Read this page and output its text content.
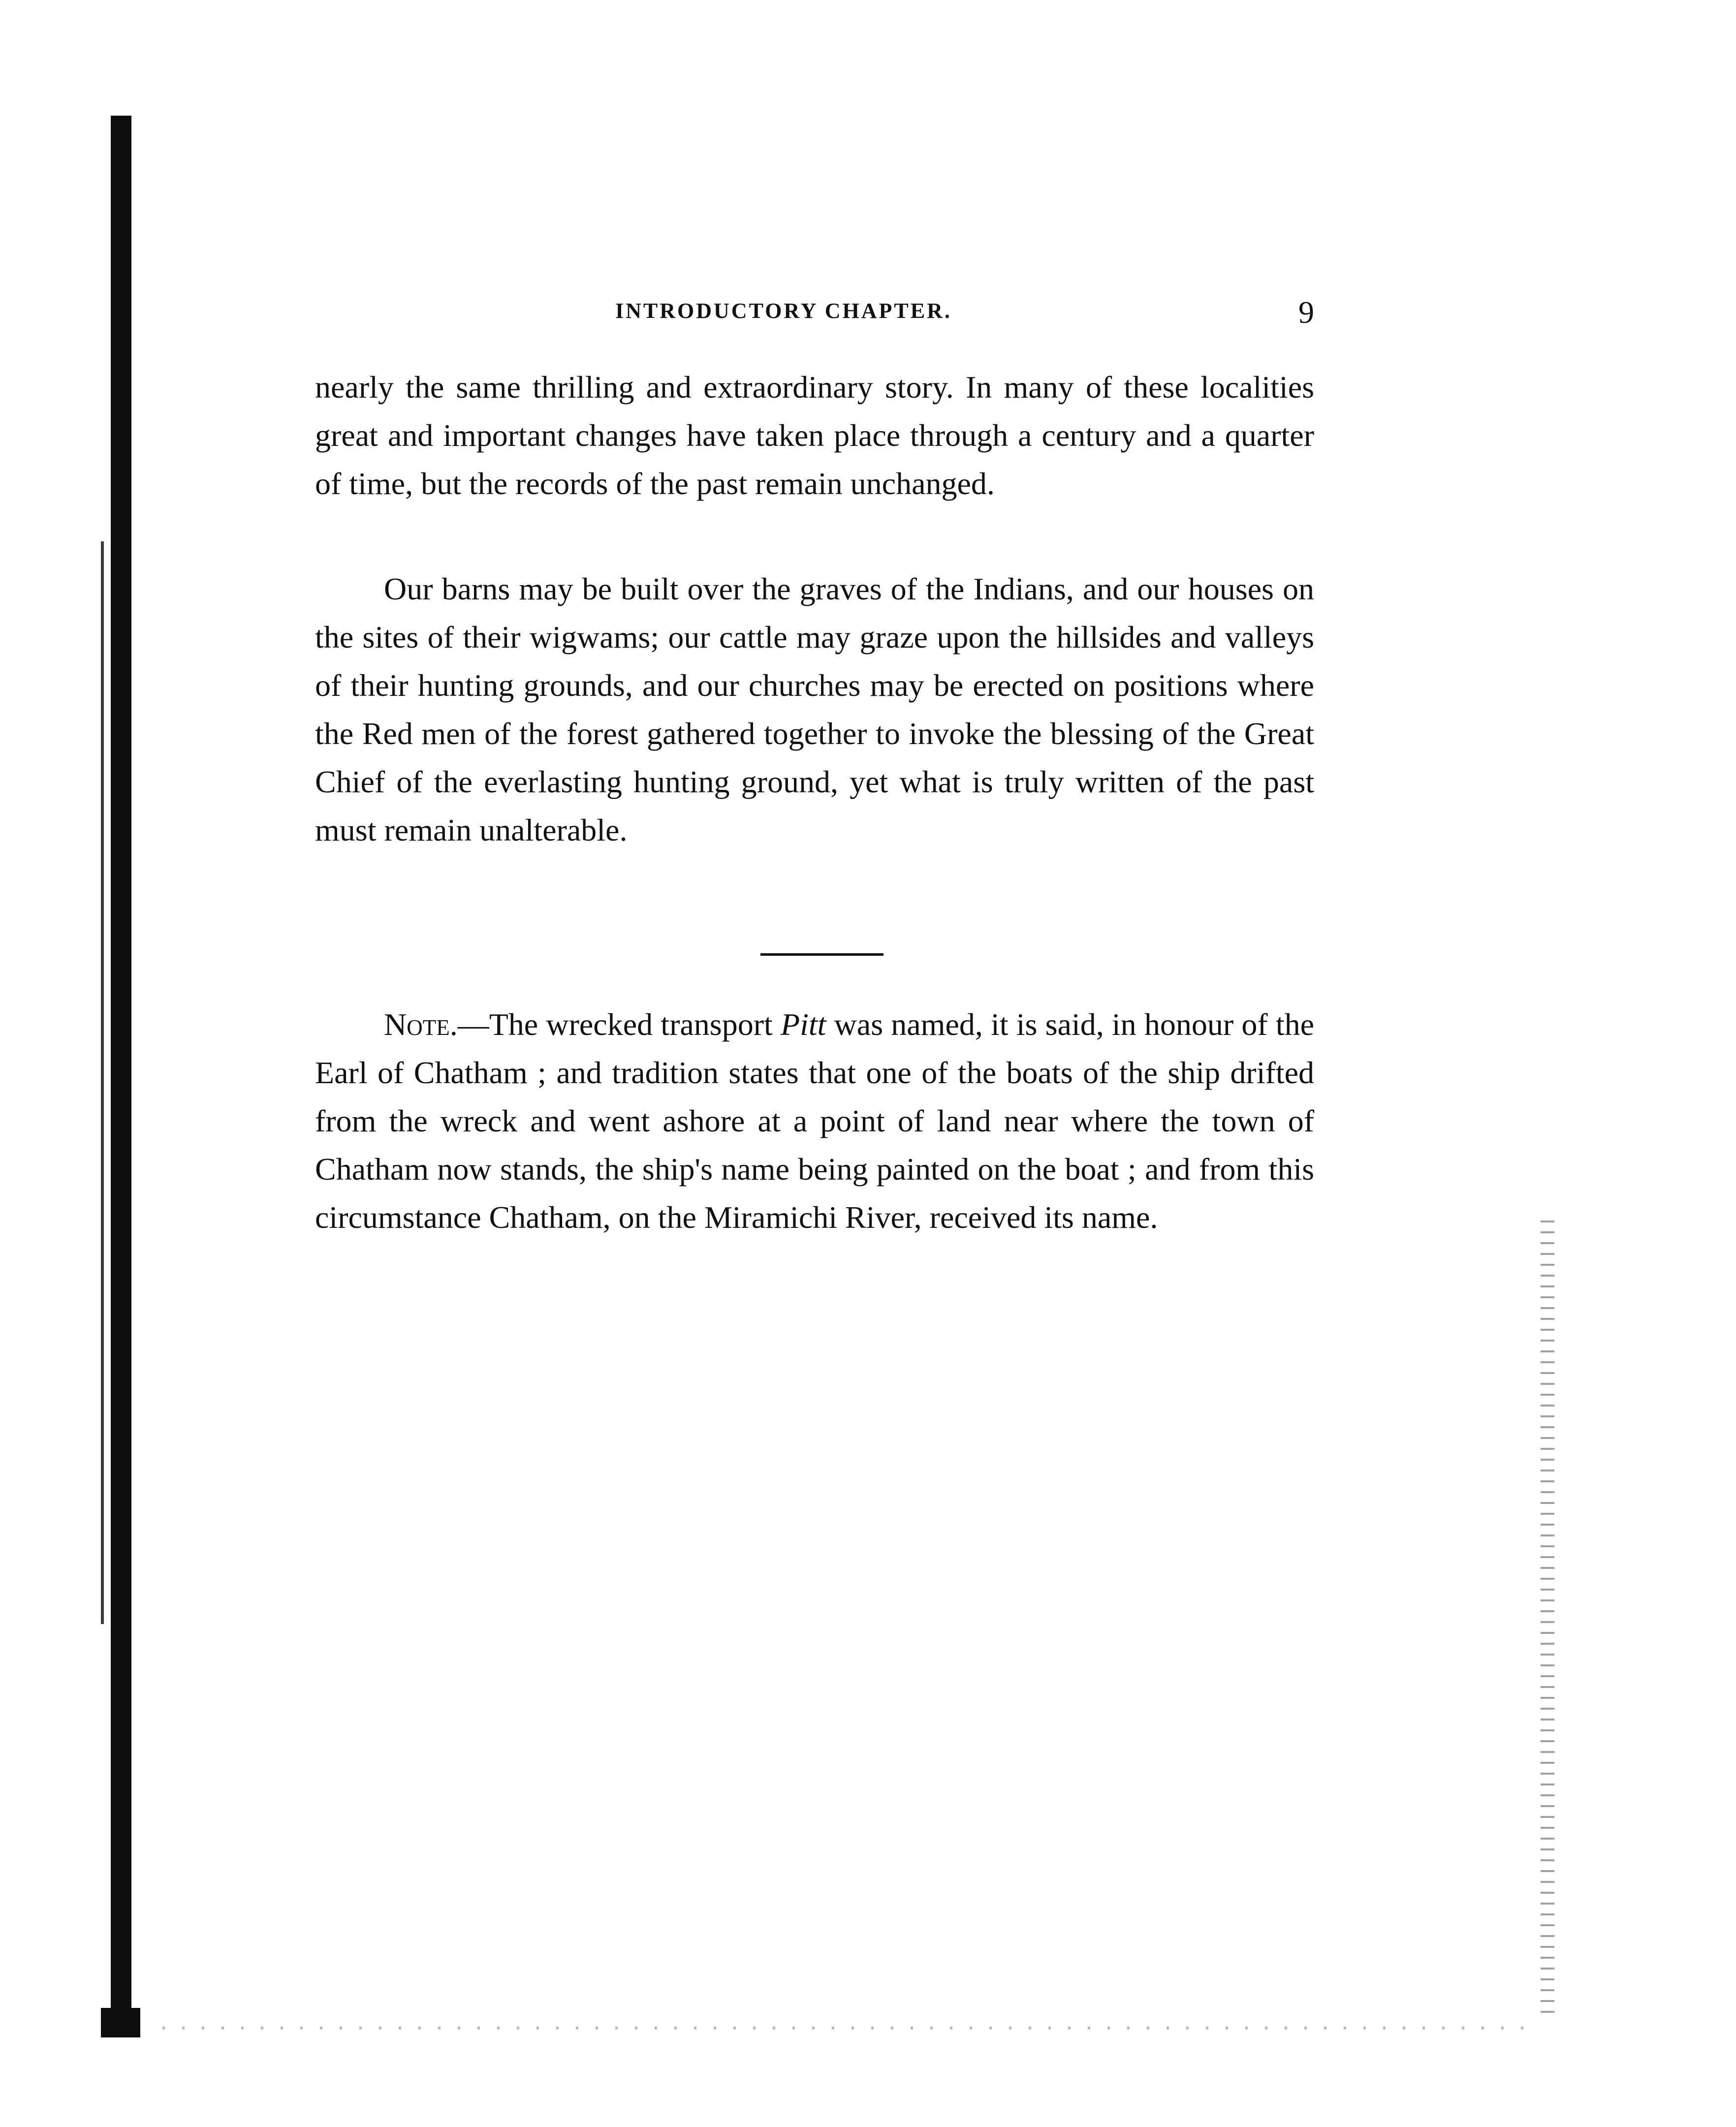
INTRODUCTORY CHAPTER.	9

nearly the same thrilling and extraordinary story. In many of these localities great and important changes have taken place through a century and a quarter of time, but the records of the past remain unchanged.

Our barns may be built over the graves of the Indians, and our houses on the sites of their wigwams; our cattle may graze upon the hillsides and valleys of their hunting grounds, and our churches may be erected on positions where the Red men of the forest gathered together to invoke the blessing of the Great Chief of the everlasting hunting ground, yet what is truly written of the past must remain unalterable.

Note.—The wrecked transport Pitt was named, it is said, in honour of the Earl of Chatham ; and tradition states that one of the boats of the ship drifted from the wreck and went ashore at a point of land near where the town of Chatham now stands, the ship's name being painted on the boat ; and from this circumstance Chatham, on the Miramichi River, received its name.
